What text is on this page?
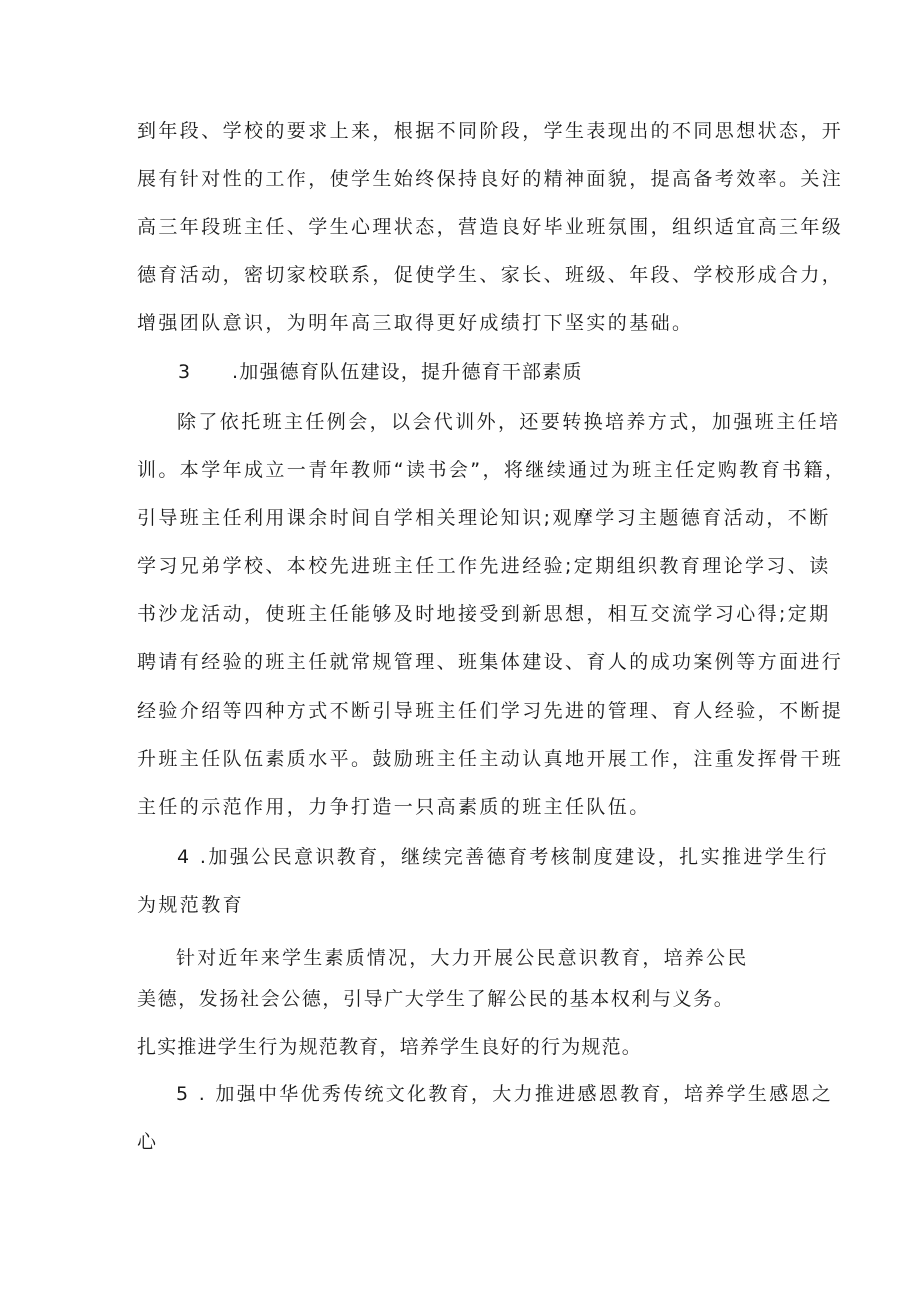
到年段、学校的要求上来，根据不同阶段，学生表现出的不同思想状态，开
展有针对性的工作，使学生始终保持良好的精神面貌，提高备考效率。关注
高三年段班主任、学生心理状态，营造良好毕业班氛围，组织适宜高三年级
德育活动，密切家校联系，促使学生、家长、班级、年段、学校形成合力，
增强团队意识，为明年高三取得更好成绩打下坚实的基础。
3 .加强德育队伍建设，提升德育干部素质
除了依托班主任例会，以会代训外，还要转换培养方式，加强班主任培
训。本学年成立一青年教师“读书会”，将继续通过为班主任定购教育书籍，
引导班主任利用课余时间自学相关理论知识;观摩学习主题德育活动，不断
学习兄弟学校、本校先进班主任工作先进经验;定期组织教育理论学习、读
书沙龙活动，使班主任能够及时地接受到新思想，相互交流学习心得;定期
聘请有经验的班主任就常规管理、班集体建设、育人的成功案例等方面进行
经验介绍等四种方式不断引导班主任们学习先进的管理、育人经验，不断提
升班主任队伍素质水平。鼓励班主任主动认真地开展工作，注重发挥骨干班
主任的示范作用，力争打造一只高素质的班主任队伍。
4 .加强公民意识教育，继续完善德育考核制度建设，扎实推进学生行
为规范教育
针对近年来学生素质情况，大力开展公民意识教育，培养公民
美德，发扬社会公德，引导广大学生了解公民的基本权利与义务。
扎实推进学生行为规范教育，培养学生良好的行为规范。
5 . 加强中华优秀传统文化教育，大力推进感恩教育，培养学生感恩之
心
